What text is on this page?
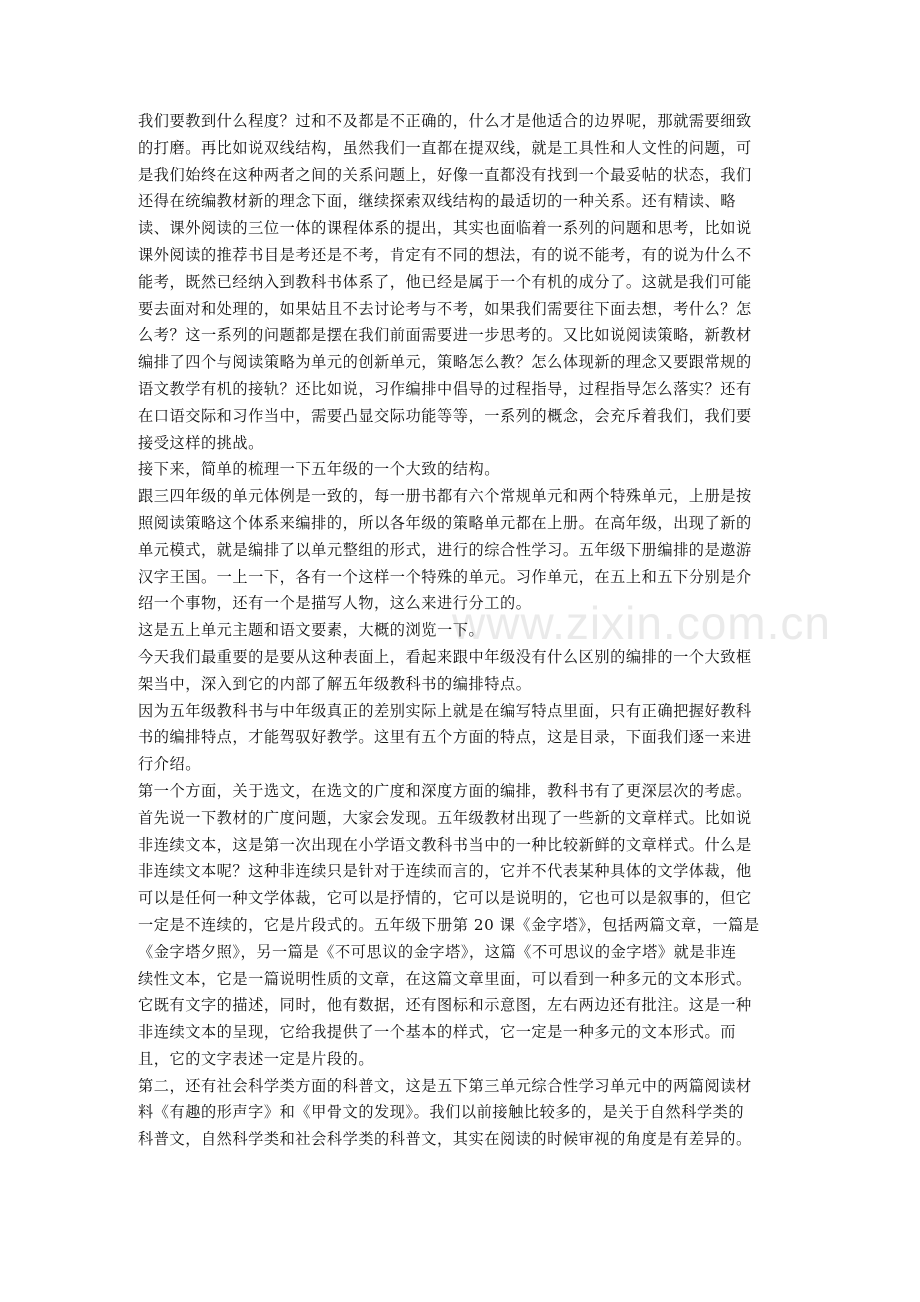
www.zixin.com.cn
我们要教到什么程度？过和不及都是不正确的，什么才是他适合的边界呢，那就需要细致
的打磨。再比如说双线结构，虽然我们一直都在提双线，就是工具性和人文性的问题，可
是我们始终在这种两者之间的关系问题上，好像一直都没有找到一个最妥帖的状态，我们
还得在统编教材新的理念下面，继续探索双线结构的最适切的一种关系。还有精读、略
读、课外阅读的三位一体的课程体系的提出，其实也面临着一系列的问题和思考，比如说
课外阅读的推荐书目是考还是不考，肯定有不同的想法，有的说不能考，有的说为什么不
能考，既然已经纳入到教科书体系了，他已经是属于一个有机的成分了。这就是我们可能
要去面对和处理的，如果姑且不去讨论考与不考，如果我们需要往下面去想，考什么？怎
么考？这一系列的问题都是摆在我们前面需要进一步思考的。又比如说阅读策略，新教材
编排了四个与阅读策略为单元的创新单元，策略怎么教？怎么体现新的理念又要跟常规的
语文教学有机的接轨？还比如说，习作编排中倡导的过程指导，过程指导怎么落实？还有
在口语交际和习作当中，需要凸显交际功能等等，一系列的概念，会充斥着我们，我们要
接受这样的挑战。
接下来，简单的梳理一下五年级的一个大致的结构。
跟三四年级的单元体例是一致的，每一册书都有六个常规单元和两个特殊单元，上册是按
照阅读策略这个体系来编排的，所以各年级的策略单元都在上册。在高年级，出现了新的
单元模式，就是编排了以单元整组的形式，进行的综合性学习。五年级下册编排的是遨游
汉字王国。一上一下，各有一个这样一个特殊的单元。习作单元，在五上和五下分别是介
绍一个事物，还有一个是描写人物，这么来进行分工的。
这是五上单元主题和语文要素，大概的浏览一下。
今天我们最重要的是要从这种表面上，看起来跟中年级没有什么区别的编排的一个大致框
架当中，深入到它的内部了解五年级教科书的编排特点。
因为五年级教科书与中年级真正的差别实际上就是在编写特点里面，只有正确把握好教科
书的编排特点，才能驾驭好教学。这里有五个方面的特点，这是目录，下面我们逐一来进
行介绍。
第一个方面，关于选文，在选文的广度和深度方面的编排，教科书有了更深层次的考虑。
首先说一下教材的广度问题，大家会发现。五年级教材出现了一些新的文章样式。比如说
非连续文本，这是第一次出现在小学语文教科书当中的一种比较新鲜的文章样式。什么是
非连续文本呢？这种非连续只是针对于连续而言的，它并不代表某种具体的文学体裁，他
可以是任何一种文学体裁，它可以是抒情的，它可以是说明的，它也可以是叙事的，但它
一定是不连续的，它是片段式的。五年级下册第 20 课《金字塔》，包括两篇文章，一篇是
《金字塔夕照》，另一篇是《不可思议的金字塔》，这篇《不可思议的金字塔》就是非连
续性文本，它是一篇说明性质的文章，在这篇文章里面，可以看到一种多元的文本形式。
它既有文字的描述，同时，他有数据，还有图标和示意图，左右两边还有批注。这是一种
非连续文本的呈现，它给我提供了一个基本的样式，它一定是一种多元的文本形式。而
且，它的文字表述一定是片段的。
第二，还有社会科学类方面的科普文，这是五下第三单元综合性学习单元中的两篇阅读材
料《有趣的形声字》和《甲骨文的发现》。我们以前接触比较多的，是关于自然科学类的
科普文，自然科学类和社会科学类的科普文，其实在阅读的时候审视的角度是有差异的。
